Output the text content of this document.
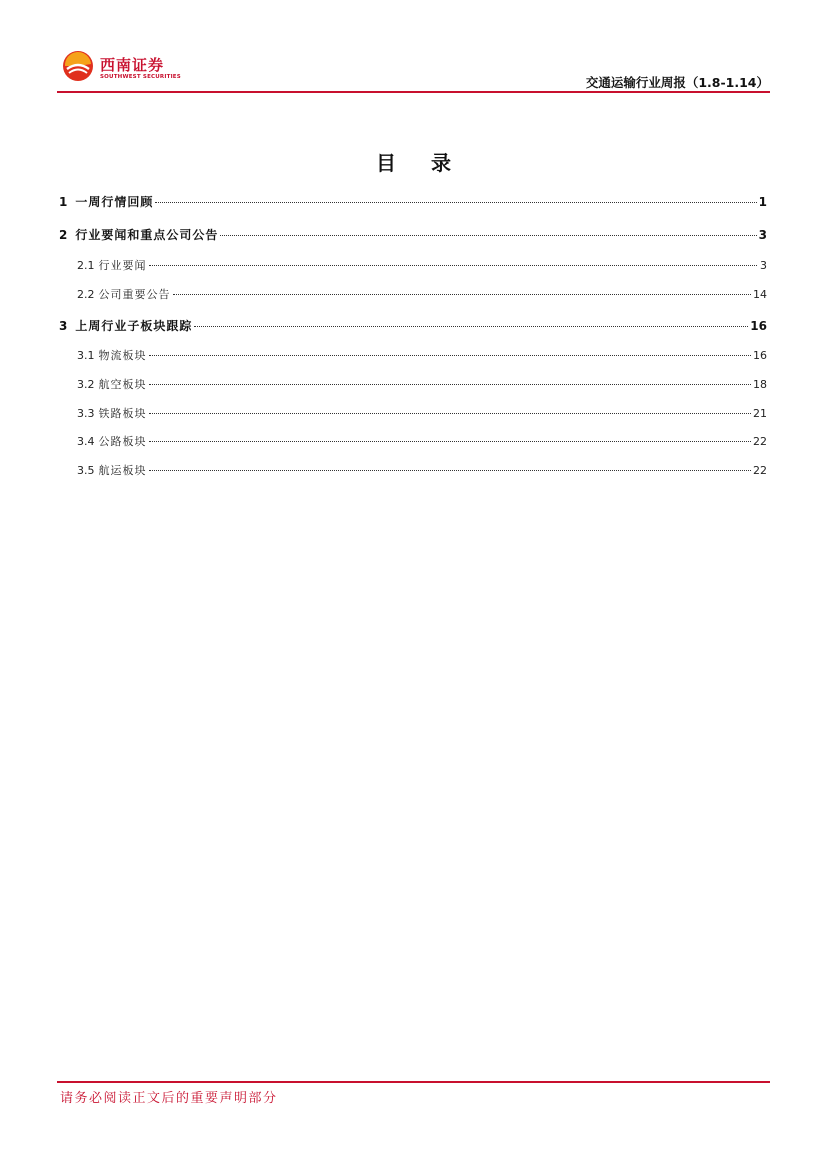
西南证券
SOUTHWEST SECURITIES	交通运输行业周报（1.8-1.14）
目 录
1 一周行情回顾	1
2 行业要闻和重点公司公告	3
2.1 行业要闻	3
2.2 公司重要公告	14
3 上周行业子板块跟踪	16
3.1 物流板块	16
3.2 航空板块	18
3.3 铁路板块	21
3.4 公路板块	22
3.5 航运板块	22
请务必阅读正文后的重要声明部分
